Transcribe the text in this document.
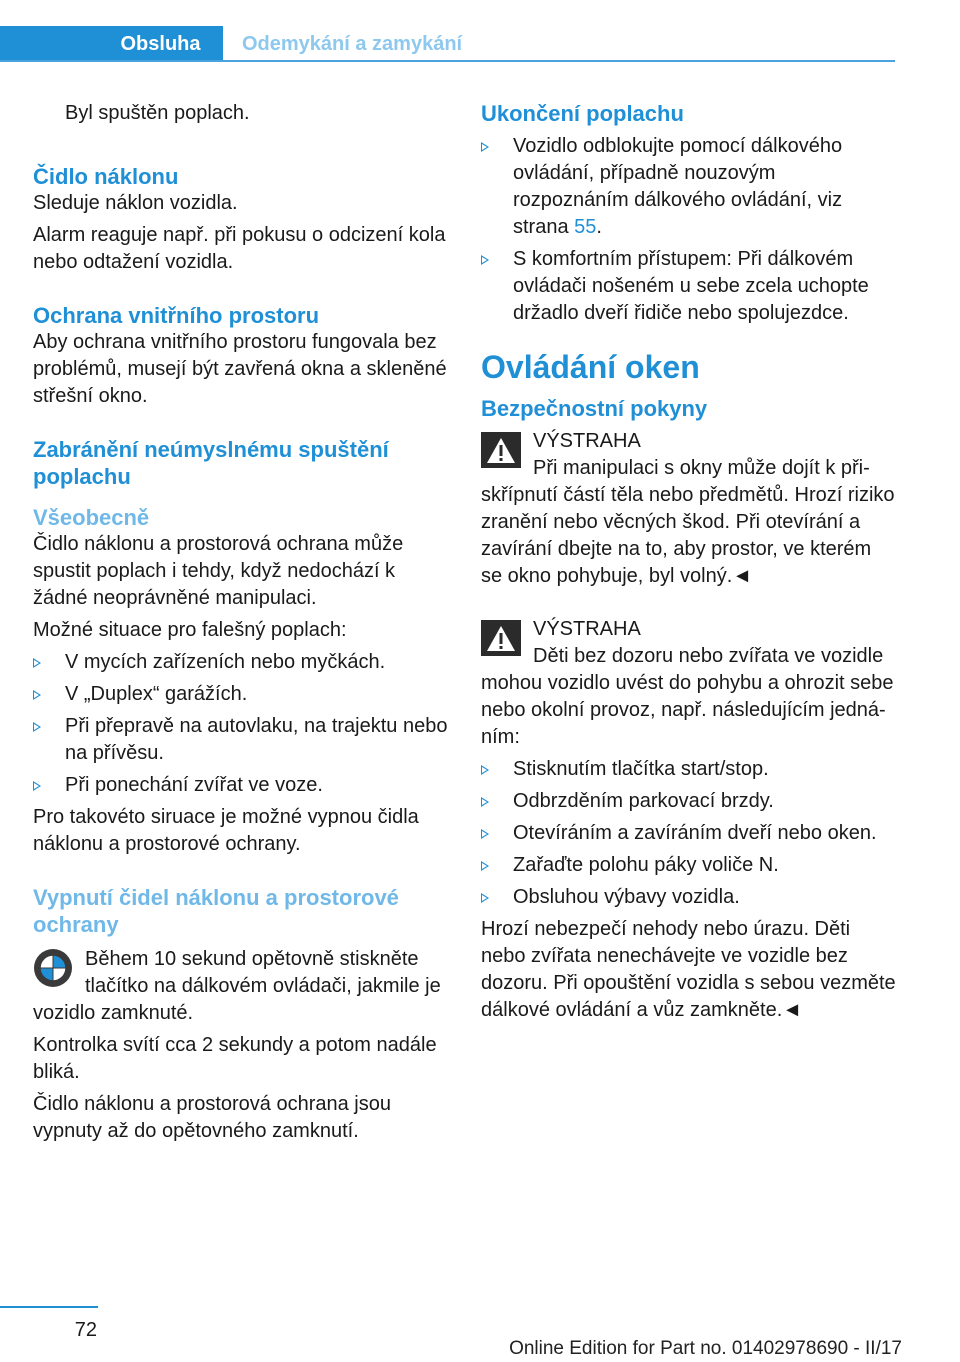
Obsluha	Odemykání a zamykání

Byl spuštěn poplach.

Čidlo náklonu

Sleduje náklon vozidla.

Alarm reaguje např. při pokusu o odcizení kola nebo odtažení vozidla.

Ochrana vnitřního prostoru

Aby ochrana vnitřního prostoru fungovala bez problémů, musejí být zavřená okna a skleněné střešní okno.

Zabránění neúmyslnému spuštění poplachu
Všeobecně

Čidlo náklonu a prostorová ochrana může spustit poplach i tehdy, když nedochází k žádné neoprávněné manipulaci.

Možné situace pro falešný poplach:

V mycích zařízeních nebo myčkách.
V „Duplex“ garážích.
Při přepravě na autovlaku, na trajektu nebo na přívěsu.
Při ponechání zvířat ve voze.

Pro takovéto siruace je možné vypnou čidla náklonu a prostorové ochrany.

Vypnutí čidel náklonu a prostorové ochrany

Během 10 sekund opětovně stiskněte tlačítko na dálkovém ovládači, jakmile je vozidlo zamknuté.

Kontrolka svítí cca 2 sekundy a potom nadále bliká.

Čidlo náklonu a prostorová ochrana jsou vypnuty až do opětovného zamknutí.

Ukončení poplachu
Vozidlo odblokujte pomocí dálkového ovládání, případně nouzovým rozpoznáním dálkového ovládání, viz strana 55.
S komfortním přístupem: Při dálkovém ovládači nošeném u sebe zcela uchopte držadlo dveří řidiče nebo spolujezdce.
Ovládání oken
Bezpečnostní pokyny

VÝSTRAHA

Při manipulaci s okny může dojít k přiskřípnutí částí těla nebo předmětů. Hrozí riziko zranění nebo věcných škod. Při otevírání a zavírání dbejte na to, aby prostor, ve kterém se okno pohybuje, byl volný.◄

VÝSTRAHA

Děti bez dozoru nebo zvířata ve vozidle mohou vozidlo uvést do pohybu a ohrozit sebe nebo okolní provoz, např. následujícím jednáním:

Stisknutím tlačítka start/stop.
Odbrzděním parkovací brzdy.
Otevíráním a zavíráním dveří nebo oken.
Zařaďte polohu páky voliče N.
Obsluhou výbavy vozidla.

Hrozí nebezpečí nehody nebo úrazu. Děti nebo zvířata nenechávejte ve vozidle bez dozoru. Při opouštění vozidla s sebou vezměte dálkové ovládání a vůz zamkněte.◄

72
Online Edition for Part no. 01402978690 - II/17
